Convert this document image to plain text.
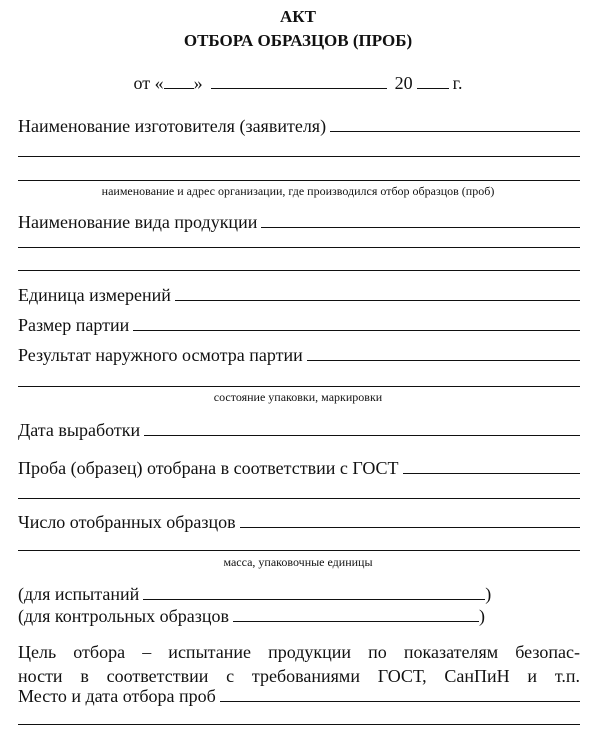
АКТ
ОТБОРА ОБРАЗЦОВ (ПРОБ)
от « »	20 г.
Наименование изготовителя (заявителя)
наименование и адрес организации, где производился отбор образцов (проб)
Наименование вида продукции
Единица измерений
Размер партии
Результат наружного осмотра партии
состояние упаковки, маркировки
Дата выработки
Проба (образец) отобрана в соответствии с ГОСТ
Число отобранных образцов
масса, упаковочные единицы
(для испытаний	)
(для контрольных образцов	)
Цель отбора – испытание продукции по показателям безопас-
ности в соответствии с требованиями ГОСТ, СанПиН и т.п.
Место и дата отбора проб
